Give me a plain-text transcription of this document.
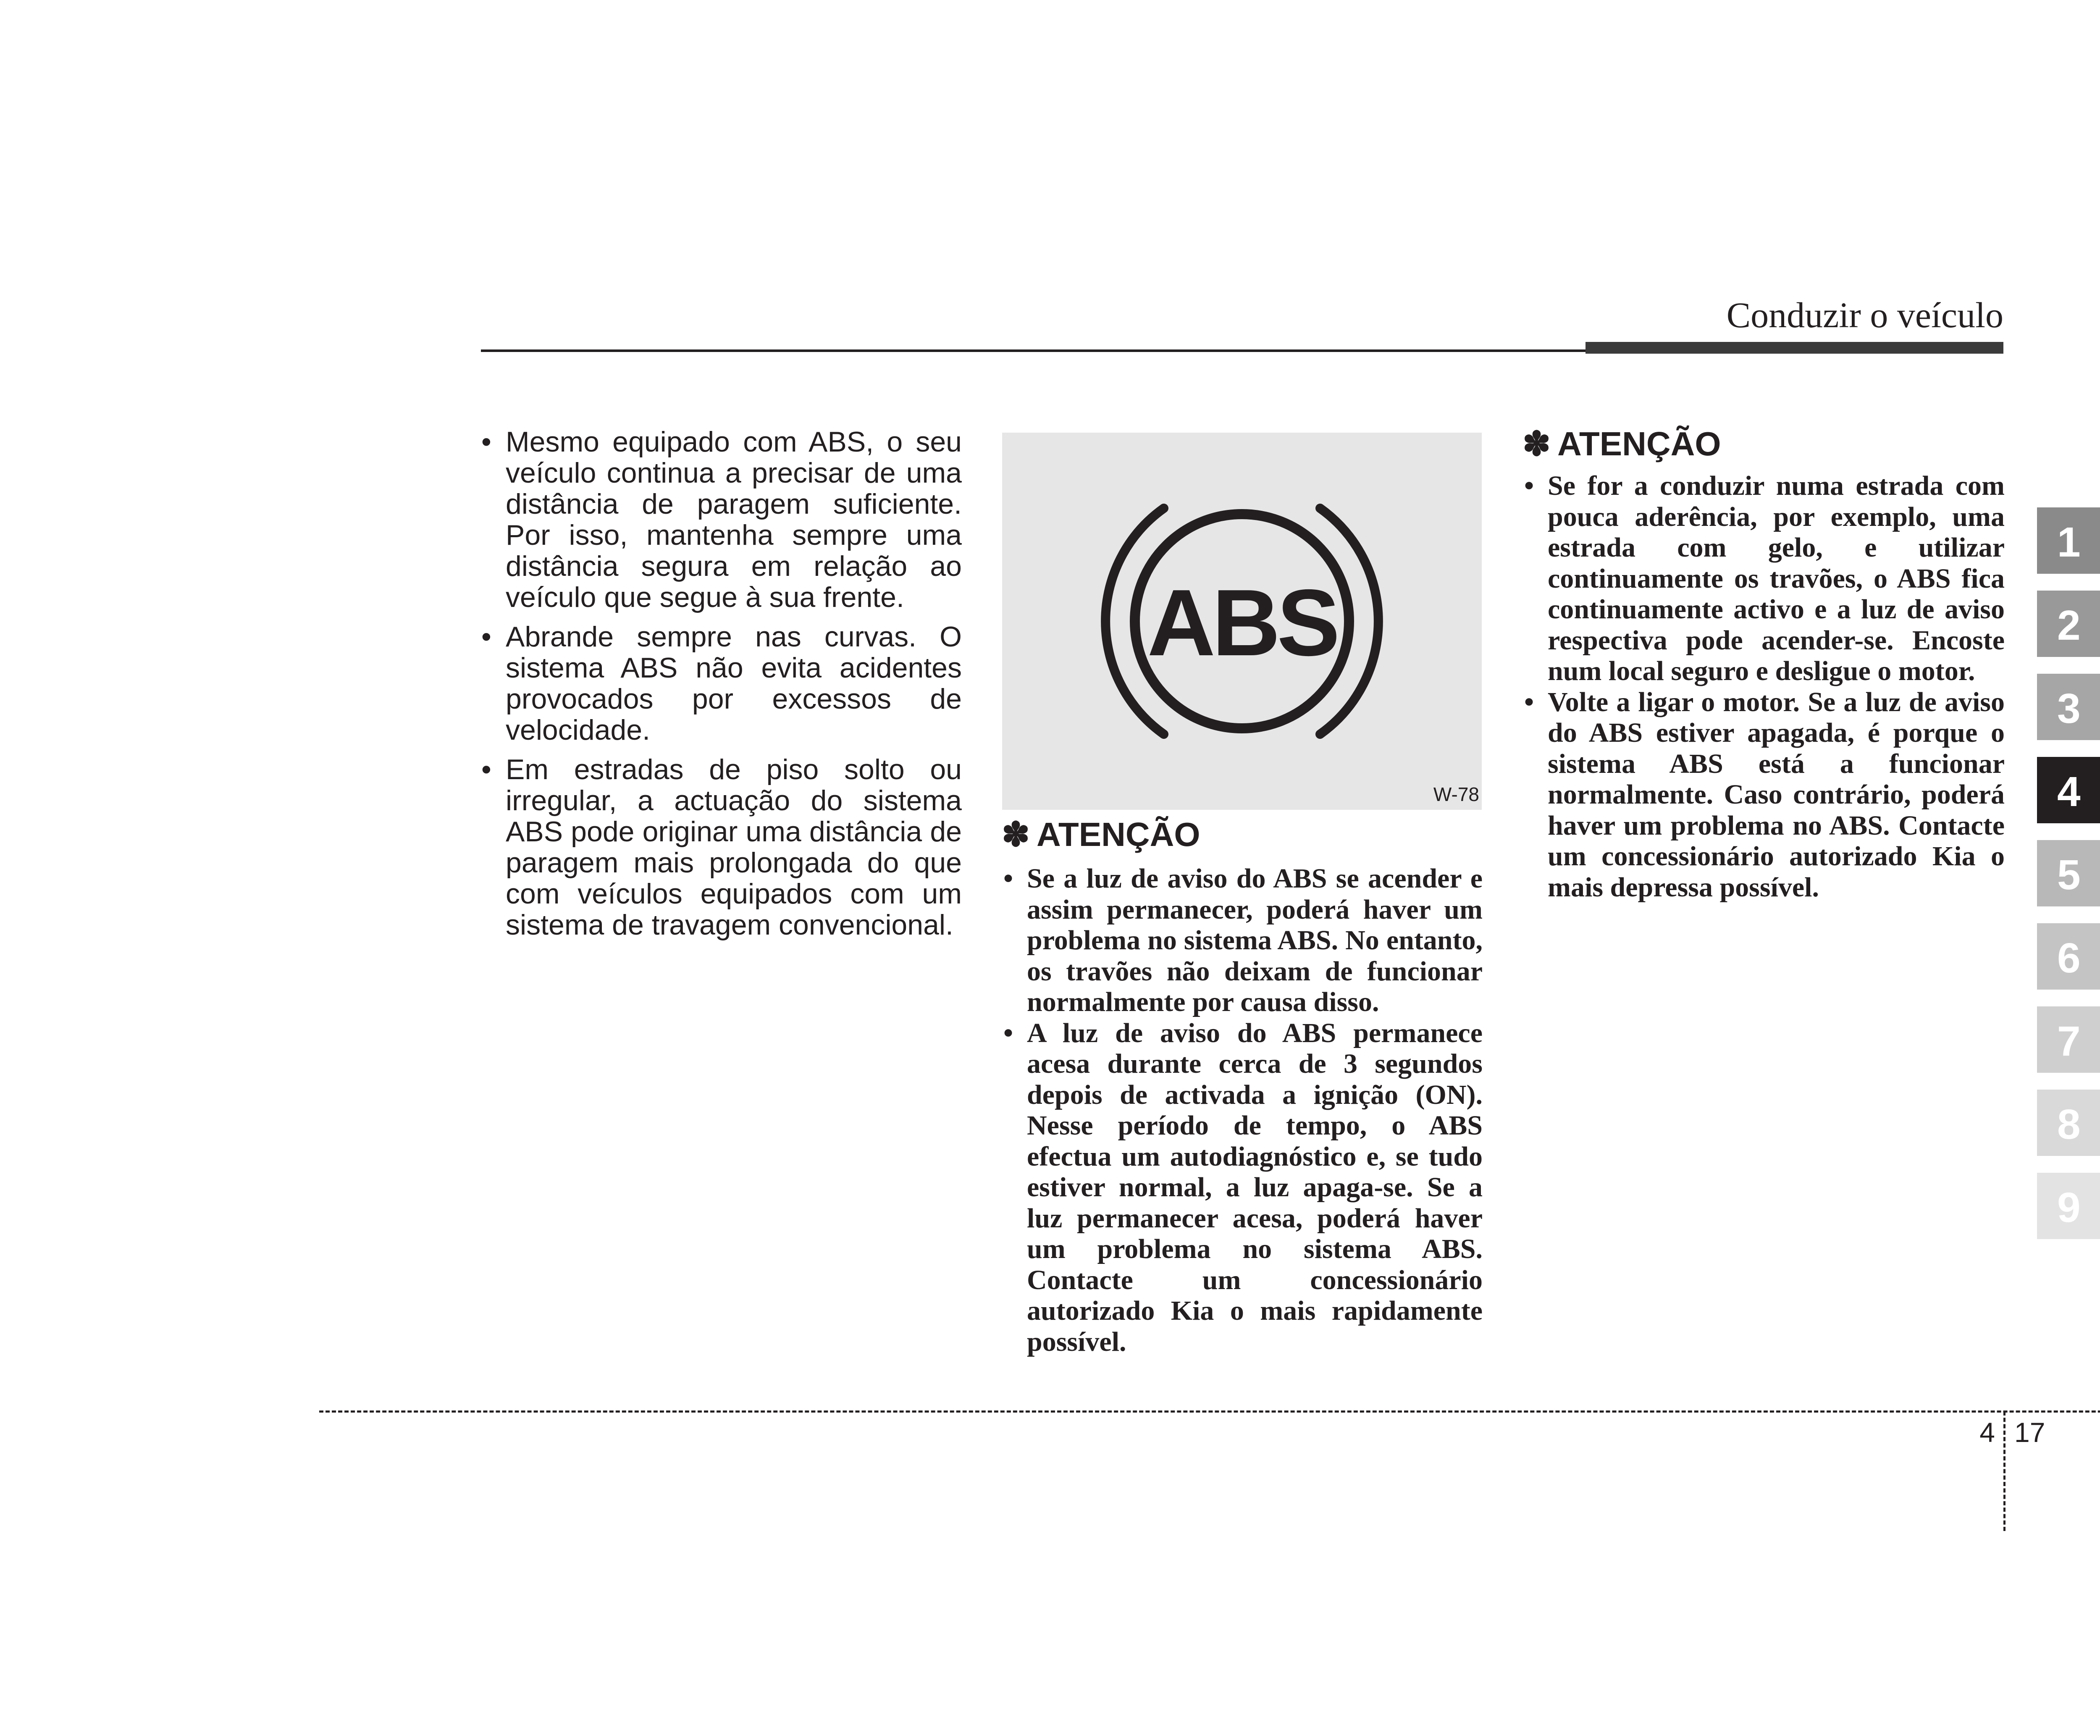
Conduzir o veículo
• Mesmo equipado com ABS, o seu veículo continua a precisar de uma distância de paragem suficiente. Por isso, mantenha sempre uma distância segura em relação ao veículo que segue à sua frente.
• Abrande sempre nas curvas. O sistema ABS não evita acidentes provocados por excessos de velocidade.
• Em estradas de piso solto ou irregular, a actuação do sistema ABS pode originar uma distância de paragem mais prolongada do que com veículos equipados com um sistema de travagem convencional.
ABS
W-78
✽ ATENÇÃO
• Se a luz de aviso do ABS se acender e assim permanecer, poderá haver um problema no sistema ABS. No entanto, os travões não deixam de funcionar normalmente por causa disso.
• A luz de aviso do ABS permanece acesa durante cerca de 3 segundos depois de activada a ignição (ON). Nesse período de tempo, o ABS efectua um autodiagnóstico e, se tudo estiver normal, a luz apaga-se. Se a luz permanecer acesa, poderá haver um problema no sistema ABS. Contacte um concessionário autorizado Kia o mais rapidamente possível.
✽ ATENÇÃO
• Se for a conduzir numa estrada com pouca aderência, por exemplo, uma estrada com gelo, e utilizar continuamente os travões, o ABS fica continuamente activo e a luz de aviso respectiva pode acender-se. Encoste num local seguro e desligue o motor.
• Volte a ligar o motor. Se a luz de aviso do ABS estiver apagada, é porque o sistema ABS está a funcionar normalmente. Caso contrário, poderá haver um problema no ABS. Contacte um concessionário autorizado Kia o mais depressa possível.
1
2
3
4
5
6
7
8
9
4 17
